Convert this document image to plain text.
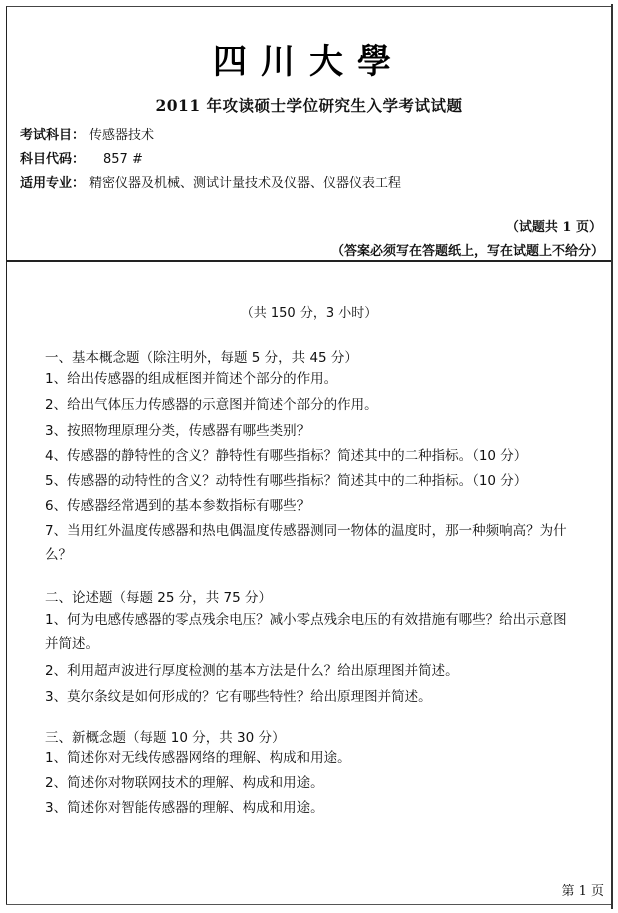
四川大學
2011 年攻读硕士学位研究生入学考试试题
考试科目： 传感器技术
科目代码： 857 #
适用专业： 精密仪器及机械、测试计量技术及仪器、仪器仪表工程
（试题共 1 页）
（答案必须写在答题纸上，写在试题上不给分）
（共 150 分，3 小时）
一、基本概念题（除注明外，每题 5 分，共 45 分）
1、给出传感器的组成框图并简述个部分的作用。
2、给出气体压力传感器的示意图并简述个部分的作用。
3、按照物理原理分类，传感器有哪些类别？
4、传感器的静特性的含义？静特性有哪些指标？简述其中的二种指标。（10 分）
5、传感器的动特性的含义？动特性有哪些指标？简述其中的二种指标。（10 分）
6、传感器经常遇到的基本参数指标有哪些？
7、当用红外温度传感器和热电偶温度传感器测同一物体的温度时，那一种频响高？为什么？
二、论述题（每题 25 分，共 75 分）
1、何为电感传感器的零点残余电压？减小零点残余电压的有效措施有哪些？给出示意图并简述。
2、利用超声波进行厚度检测的基本方法是什么？给出原理图并简述。
3、莫尔条纹是如何形成的？它有哪些特性？给出原理图并简述。
三、新概念题（每题 10 分，共 30 分）
1、简述你对无线传感器网络的理解、构成和用途。
2、简述你对物联网技术的理解、构成和用途。
3、简述你对智能传感器的理解、构成和用途。
第 1 页
